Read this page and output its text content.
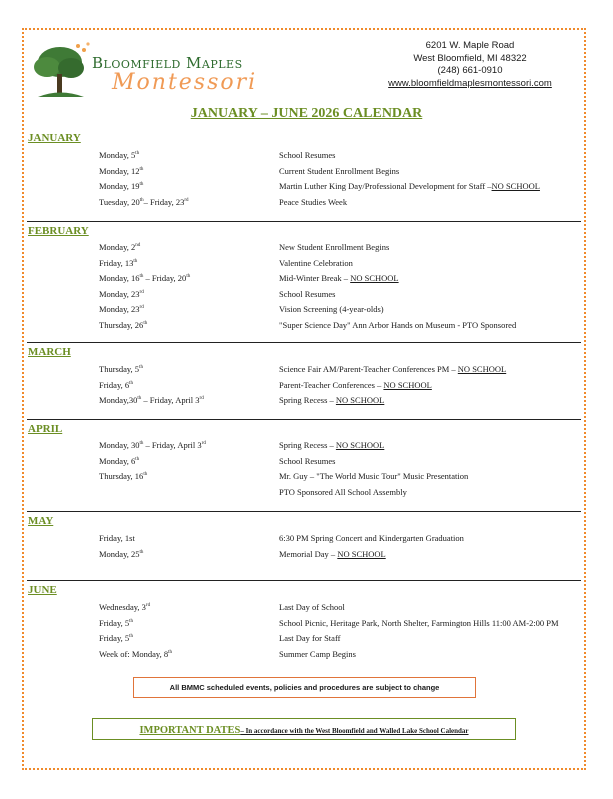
Bloomfield Maples
Montessori
6201 W. Maple Road
West Bloomfield, MI 48322
(248) 661-0910
www.bloomfieldmaplesmontessori.com
JANUARY – JUNE 2026 CALENDAR
JANUARY
Monday, 5th	School Resumes
Monday, 12th	Current Student Enrollment Begins
Monday, 19th	Martin Luther King Day/Professional Development for Staff –NO SCHOOL
Tuesday, 20th– Friday, 23rd	Peace Studies Week
FEBRUARY
Monday, 2nd	New Student Enrollment Begins
Friday, 13th	Valentine Celebration
Monday, 16th – Friday, 20th	Mid-Winter Break – NO SCHOOL
Monday, 23rd	School Resumes
Monday, 23rd	Vision Screening (4-year-olds)
Thursday, 26th	"Super Science Day" Ann Arbor Hands on Museum - PTO Sponsored
MARCH
Thursday, 5th	Science Fair AM/Parent-Teacher Conferences PM – NO SCHOOL
Friday, 6th	Parent-Teacher Conferences – NO SCHOOL
Monday,30th – Friday, April 3rd	Spring Recess – NO SCHOOL
APRIL
Monday, 30th – Friday, April 3rd	Spring Recess – NO SCHOOL
Monday, 6th	School Resumes
Thursday, 16th	Mr. Guy – "The World Music Tour" Music Presentation
PTO Sponsored All School Assembly
MAY
Friday, 1st	6:30 PM Spring Concert and Kindergarten Graduation
Monday, 25th	Memorial Day – NO SCHOOL
JUNE
Wednesday, 3rd	Last Day of School
Friday, 5th	School Picnic, Heritage Park, North Shelter, Farmington Hills 11:00 AM-2:00 PM
Friday, 5th	Last Day for Staff
Week of: Monday, 8th	Summer Camp Begins
All BMMC scheduled events, policies and procedures are subject to change
IMPORTANT DATES– In accordance with the West Bloomfield and Walled Lake School Calendar
